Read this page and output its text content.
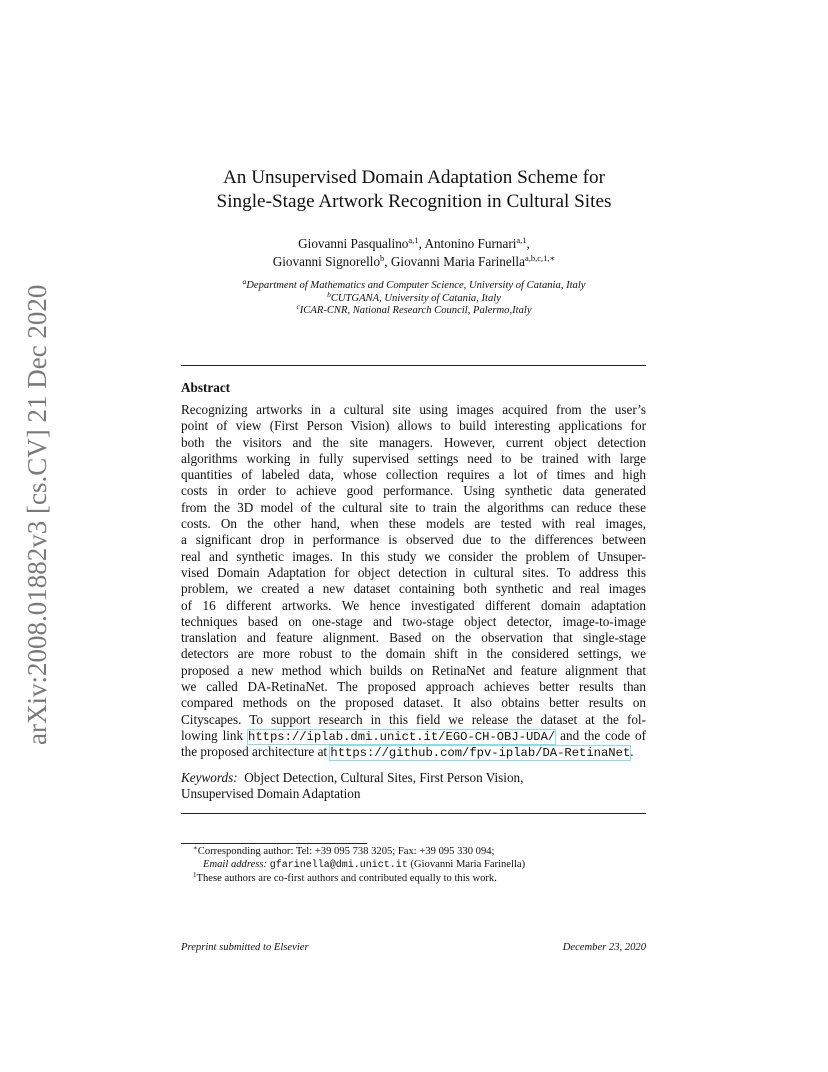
arXiv:2008.01882v3 [cs.CV] 21 Dec 2020
An Unsupervised Domain Adaptation Scheme for
Single-Stage Artwork Recognition in Cultural Sites
Giovanni Pasqualino$^{a,1}$, Antonino Furnari$^{a,1}$,
Giovanni Signorello$^b$, Giovanni Maria Farinella$^{a,b,c,1,∗}$
$^a$Department of Mathematics and Computer Science, University of Catania, Italy
$^b$CUTGANA, University of Catania, Italy
$^c$ICAR-CNR, National Research Council, Palermo,Italy
Abstract
Recognizing artworks in a cultural site using images acquired from the user’s
point of view (First Person Vision) allows to build interesting applications for
both the visitors and the site managers. However, current object detection
algorithms working in fully supervised settings need to be trained with large
quantities of labeled data, whose collection requires a lot of times and high
costs in order to achieve good performance. Using synthetic data generated
from the 3D model of the cultural site to train the algorithms can reduce these
costs. On the other hand, when these models are tested with real images,
a significant drop in performance is observed due to the differences between
real and synthetic images. In this study we consider the problem of Unsuper-
vised Domain Adaptation for object detection in cultural sites. To address this
problem, we created a new dataset containing both synthetic and real images
of 16 different artworks. We hence investigated different domain adaptation
techniques based on one-stage and two-stage object detector, image-to-image
translation and feature alignment. Based on the observation that single-stage
detectors are more robust to the domain shift in the considered settings, we
proposed a new method which builds on RetinaNet and feature alignment that
we called DA-RetinaNet. The proposed approach achieves better results than
compared methods on the proposed dataset. It also obtains better results on
Cityscapes. To support research in this field we release the dataset at the fol-
lowing link https://iplab.dmi.unict.it/EGO-CH-OBJ-UDA/ and the code of
the proposed architecture at https://github.com/fpv-iplab/DA-RetinaNet.
Keywords: Object Detection, Cultural Sites, First Person Vision,
Unsupervised Domain Adaptation
∗Corresponding author: Tel: +39 095 738 3205; Fax: +39 095 330 094;
Email address: gfarinella@dmi.unict.it (Giovanni Maria Farinella)
$^1$These authors are co-first authors and contributed equally to this work.
Preprint submitted to Elsevier	December 23, 2020
